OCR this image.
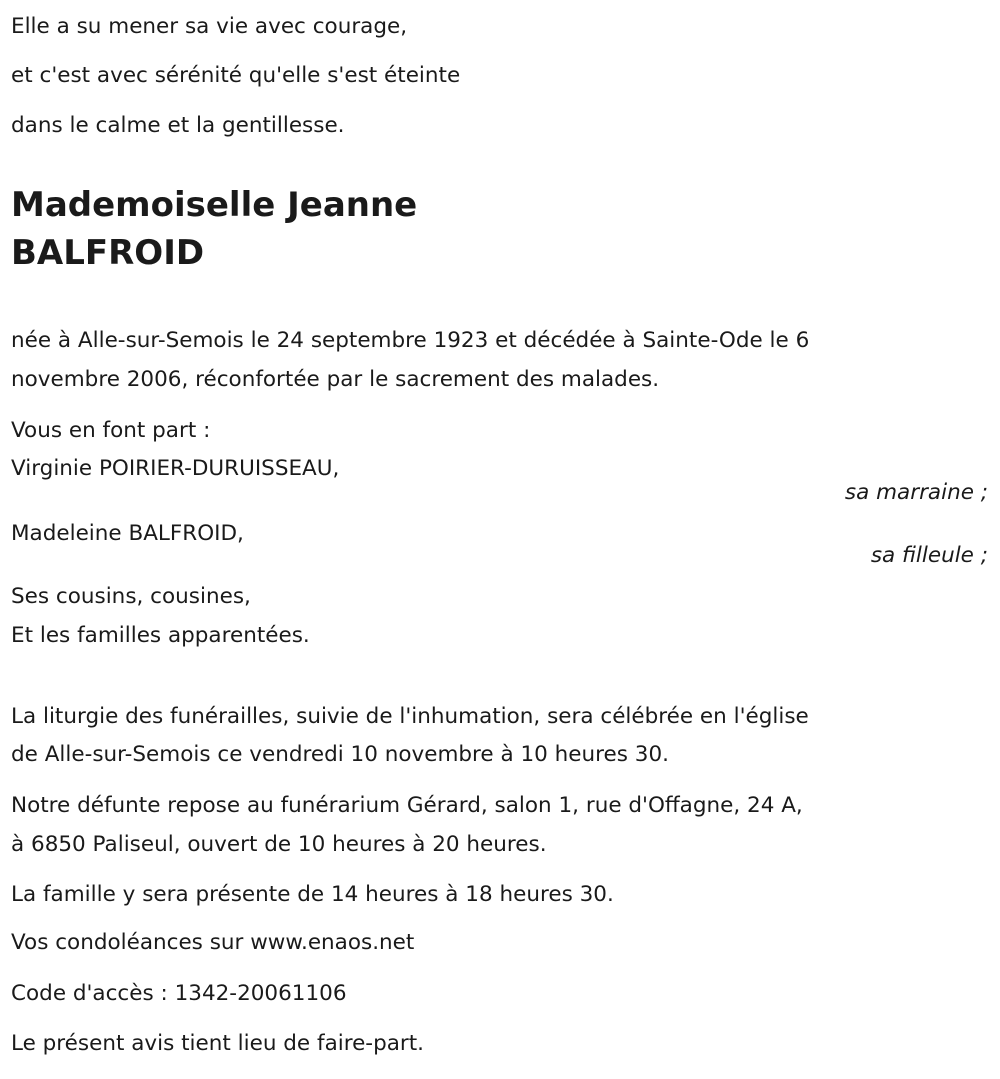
Elle a su mener sa vie avec courage,
et c'est avec sérénité qu'elle s'est éteinte
dans le calme et la gentillesse.
Mademoiselle Jeanne
BALFROID
née à Alle-sur-Semois le 24 septembre 1923 et décédée à Sainte-Ode le 6
novembre 2006, réconfortée par le sacrement des malades.
Vous en font part :
Virginie POIRIER-DURUISSEAU,
sa marraine ;
Madeleine BALFROID,
sa filleule ;
Ses cousins, cousines,
Et les familles apparentées.
La liturgie des funérailles, suivie de l'inhumation, sera célébrée en l'église
de Alle-sur-Semois ce vendredi 10 novembre à 10 heures 30.
Notre défunte repose au funérarium Gérard, salon 1, rue d'Offagne, 24 A,
à 6850 Paliseul, ouvert de 10 heures à 20 heures.
La famille y sera présente de 14 heures à 18 heures 30.
Vos condoléances sur www.enaos.net
Code d'accès : 1342-20061106
Le présent avis tient lieu de faire-part.
